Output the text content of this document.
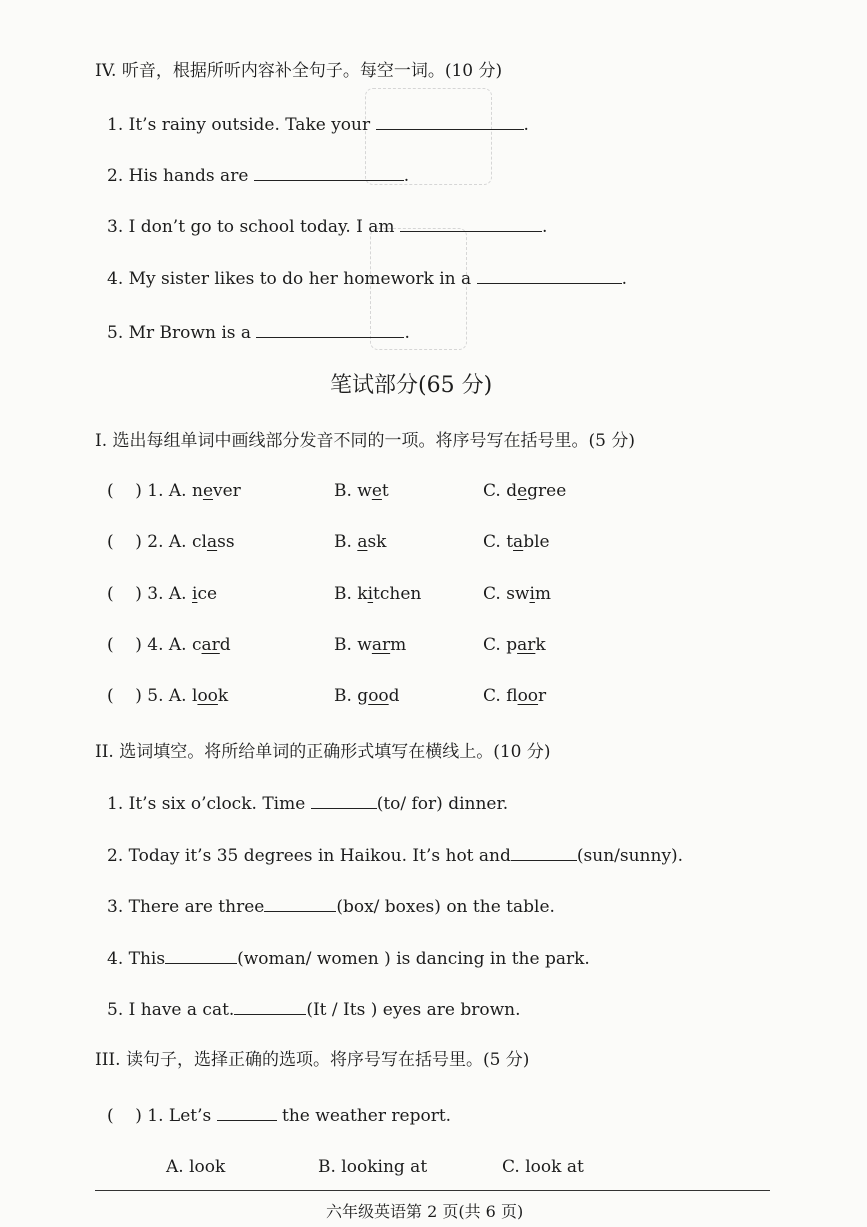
IV. 听音，根据所听内容补全句子。每空一词。(10 分)
1. It’s rainy outside. Take your	.
2. His hands are	.
3. I don’t go to school today. I am	.
4. My sister likes to do her homework in a	.
5. Mr Brown is a	.
笔试部分(65 分)
I. 选出每组单词中画线部分发音不同的一项。将序号写在括号里。(5 分)
(    ) 1. A. never	B. wet	C. degree
(    ) 2. A. class	B. ask	C. table
(    ) 3. A. ice	B. kitchen	C. swim
(    ) 4. A. card	B. warm	C. park
(    ) 5. A. look	B. good	C. floor
II. 选词填空。将所给单词的正确形式填写在横线上。(10 分)
1. It’s six o’clock. Time	(to/ for) dinner.
2. Today it’s 35 degrees in Haikou. It’s hot and	(sun/sunny).
3. There are three	(box/ boxes) on the table.
4. This	(woman/ women ) is dancing in the park.
5. I have a cat.	(It / Its ) eyes are brown.
III. 读句子，选择正确的选项。将序号写在括号里。(5 分)
(    ) 1. Let’s	the weather report.
A. look	B. looking at	C. look at
六年级英语第 2 页(共 6 页)
